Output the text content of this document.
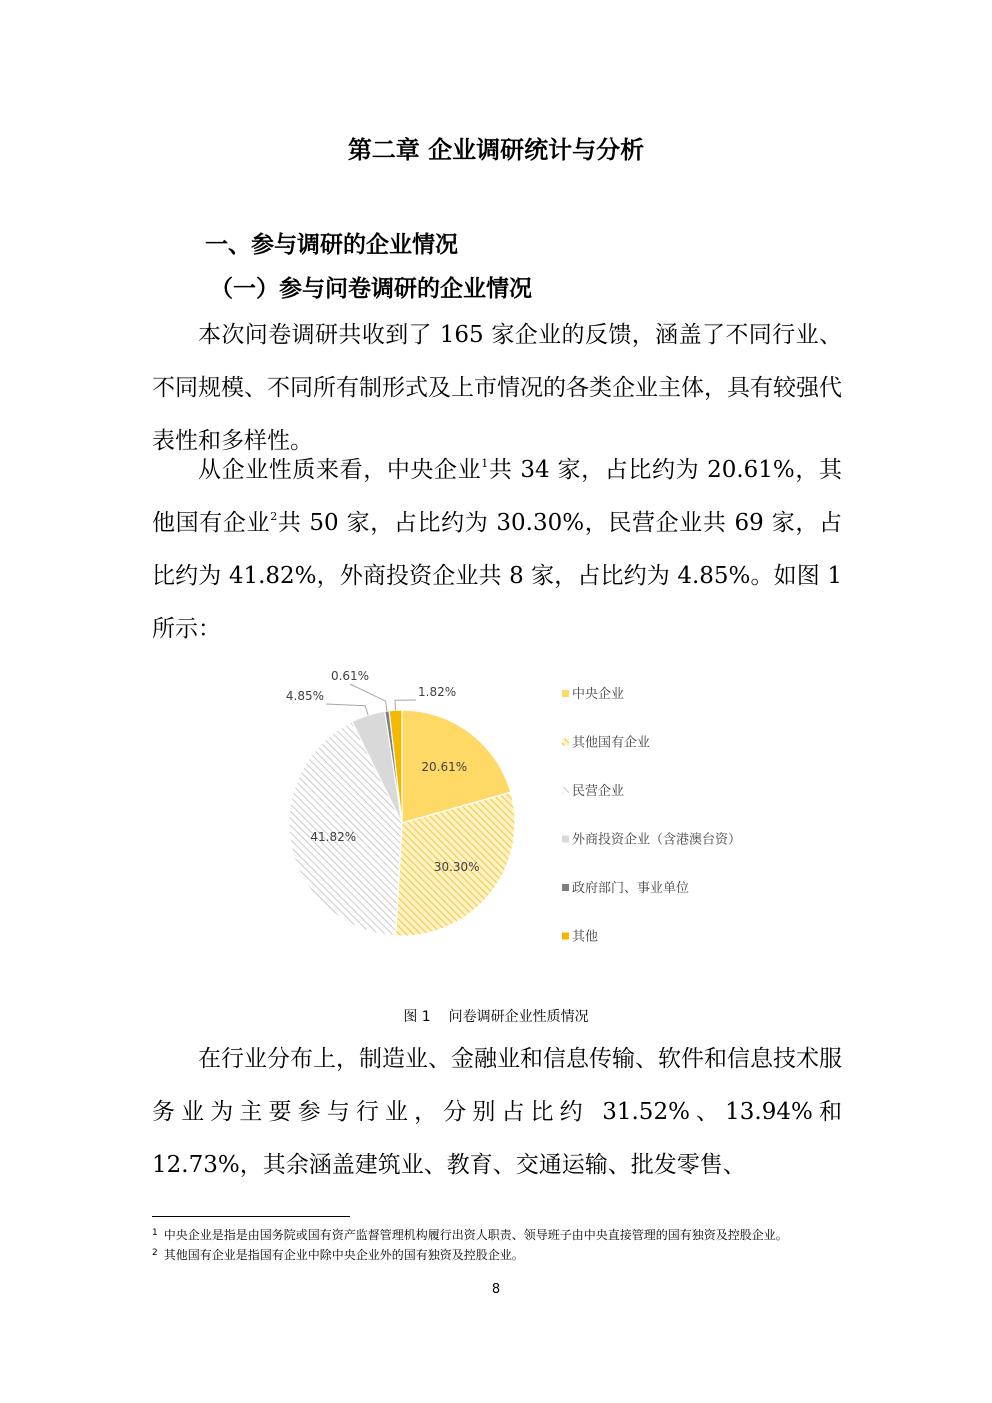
第二章 企业调研统计与分析
一、参与调研的企业情况
（一）参与问卷调研的企业情况

本次问卷调研共收到了 165 家企业的反馈，涵盖了不同行业、不同规模、不同所有制形式及上市情况的各类企业主体，具有较强代表性和多样性。

从企业性质来看，中央企业$^1$共 34 家，占比约为 20.61%，其他国有企业$^2$共 50 家，占比约为 30.30%，民营企业共 69 家，占比约为 41.82%，外商投资企业共 8 家，占比约为 4.85%。如图 1 所示：

20.61%
30.30%
41.82%
4.85%
0.61%
1.82%	中央企业
其他国有企业
民营企业
外商投资企业（含港澳台资）
政府部门、事业单位
其他

图 1 问卷调研企业性质情况

在行业分布上，制造业、金融业和信息传输、软件和信息技术服务业为主要参与行业，分别占比约 31.52%、13.94%和 12.73%，其余涵盖建筑业、教育、交通运输、批发零售、

$^1$ 中央企业是指是由国务院或国有资产监督管理机构履行出资人职责、领导班子由中央直接管理的国有独资及控股企业。

$^2$ 其他国有企业是指国有企业中除中央企业外的国有独资及控股企业。

8
